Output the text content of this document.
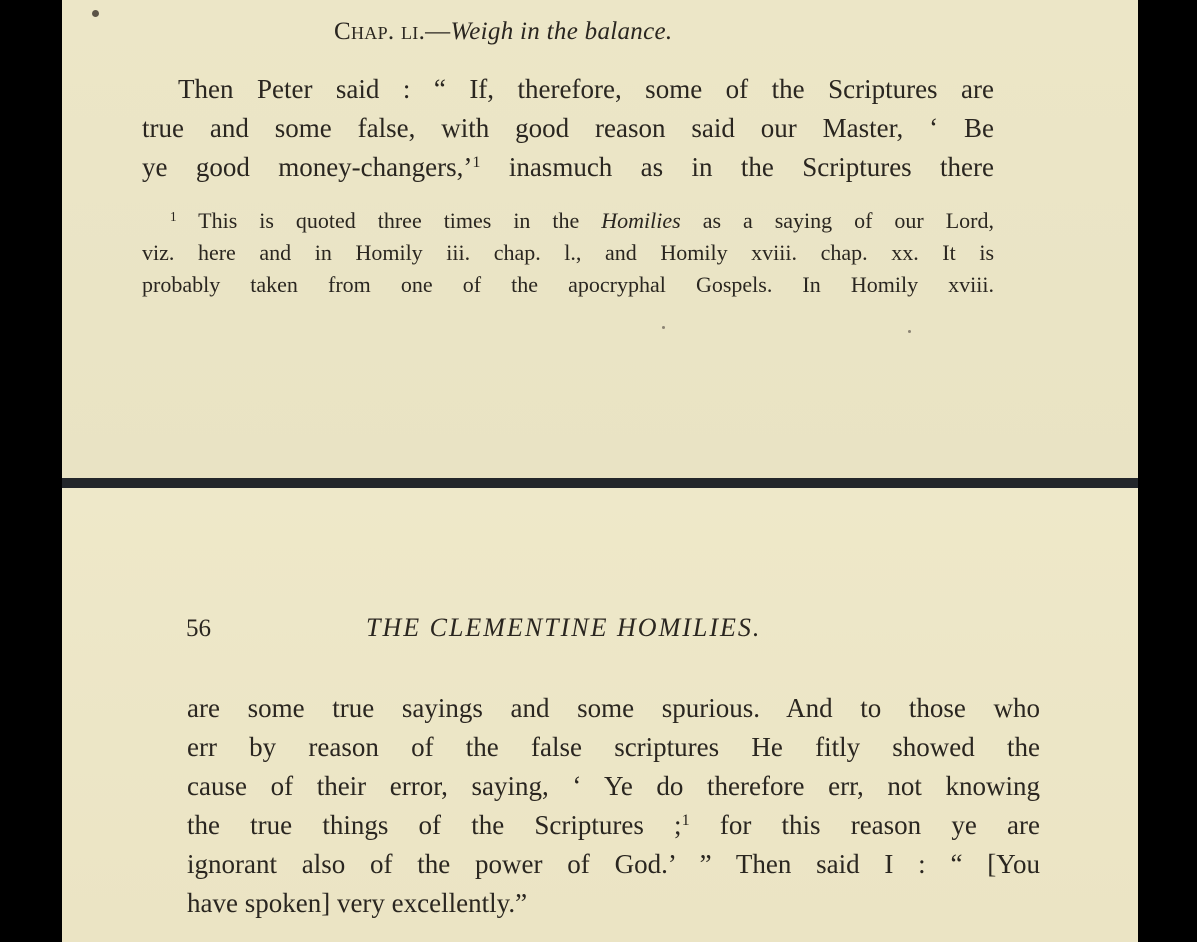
Chap. li.—Weigh in the balance.
Then Peter said : “ If, therefore, some of the Scriptures are
true and some false, with good reason said our Master, ‘ Be
ye good money-changers,’$^1$ inasmuch as in the Scriptures there
$^1$ This is quoted three times in the Homilies as a saying of our Lord,
viz. here and in Homily iii. chap. l., and Homily xviii. chap. xx. It is
probably taken from one of the apocryphal Gospels. In Homily xviii.
56	THE CLEMENTINE HOMILIES.
are some true sayings and some spurious. And to those who
err by reason of the false scriptures He fitly showed the
cause of their error, saying, ‘ Ye do therefore err, not knowing
the true things of the Scriptures ;$^1$ for this reason ye are
ignorant also of the power of God.’ ” Then said I : “ [You
have spoken] very excellently.”
